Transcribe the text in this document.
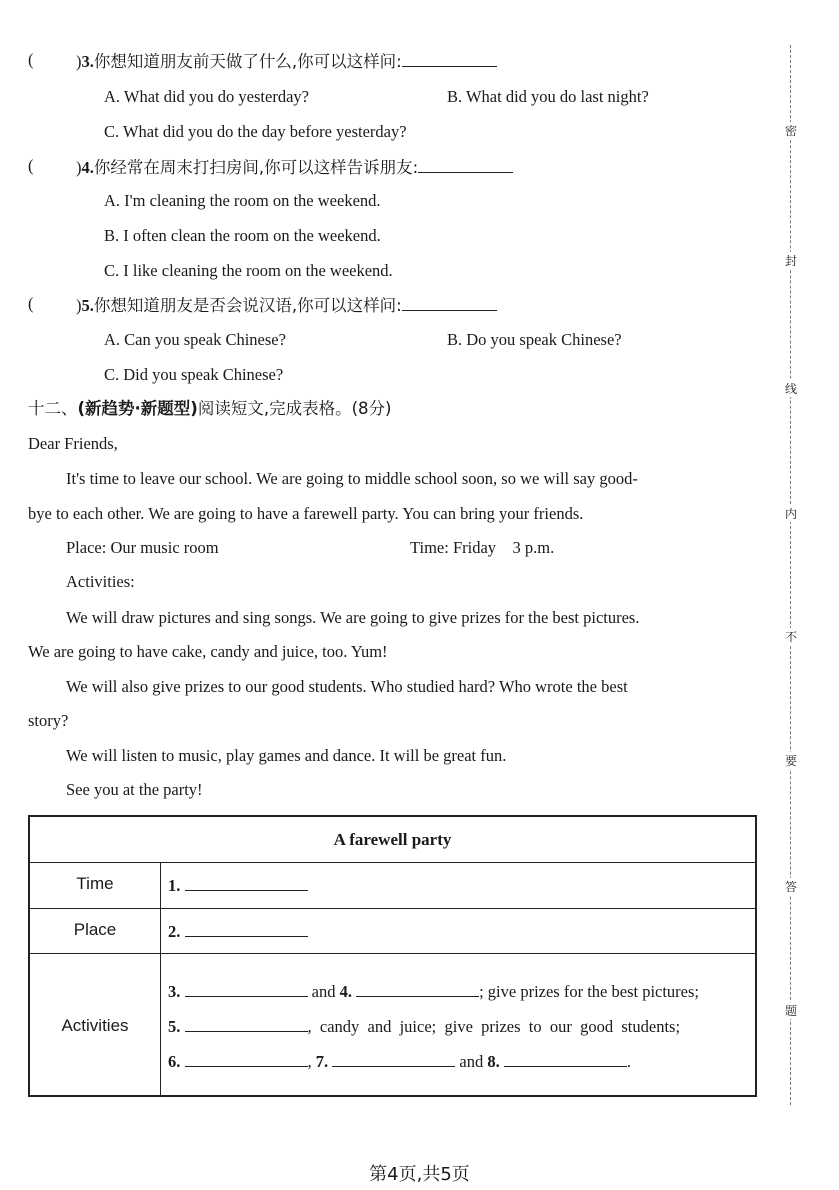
(	)3.你想知道朋友前天做了什么,你可以这样问:
A. What did you do yesterday?	B. What did you do last night?
C. What did you do the day before yesterday?
(	)4.你经常在周末打扫房间,你可以这样告诉朋友:
A. I'm cleaning the room on the weekend.
B. I often clean the room on the weekend.
C. I like cleaning the room on the weekend.
(	)5.你想知道朋友是否会说汉语,你可以这样问:
A. Can you speak Chinese?	B. Do you speak Chinese?
C. Did you speak Chinese?
十二、(新趋势·新题型)阅读短文,完成表格。(8分)
Dear Friends,
It's time to leave our school. We are going to middle school soon, so we will say good-
bye to each other. We are going to have a farewell party. You can bring your friends.
Place: Our music room	Time: Friday    3 p.m.
Activities:
We will draw pictures and sing songs. We are going to give prizes for the best pictures.
We are going to have cake, candy and juice, too. Yum!
We will also give prizes to our good students. Who studied hard? Who wrote the best
story?
We will listen to music, play games and dance. It will be great fun.
See you at the party!
A farewell party
Time	1.
Place	2.
Activities
3.	and 4.	; give prizes for the best pictures;
5.	,  candy  and  juice;  give  prizes  to  our  good  students;
6.	, 7.	and 8.	.
密
封
线
内
不
要
答
题
第4页,共5页
